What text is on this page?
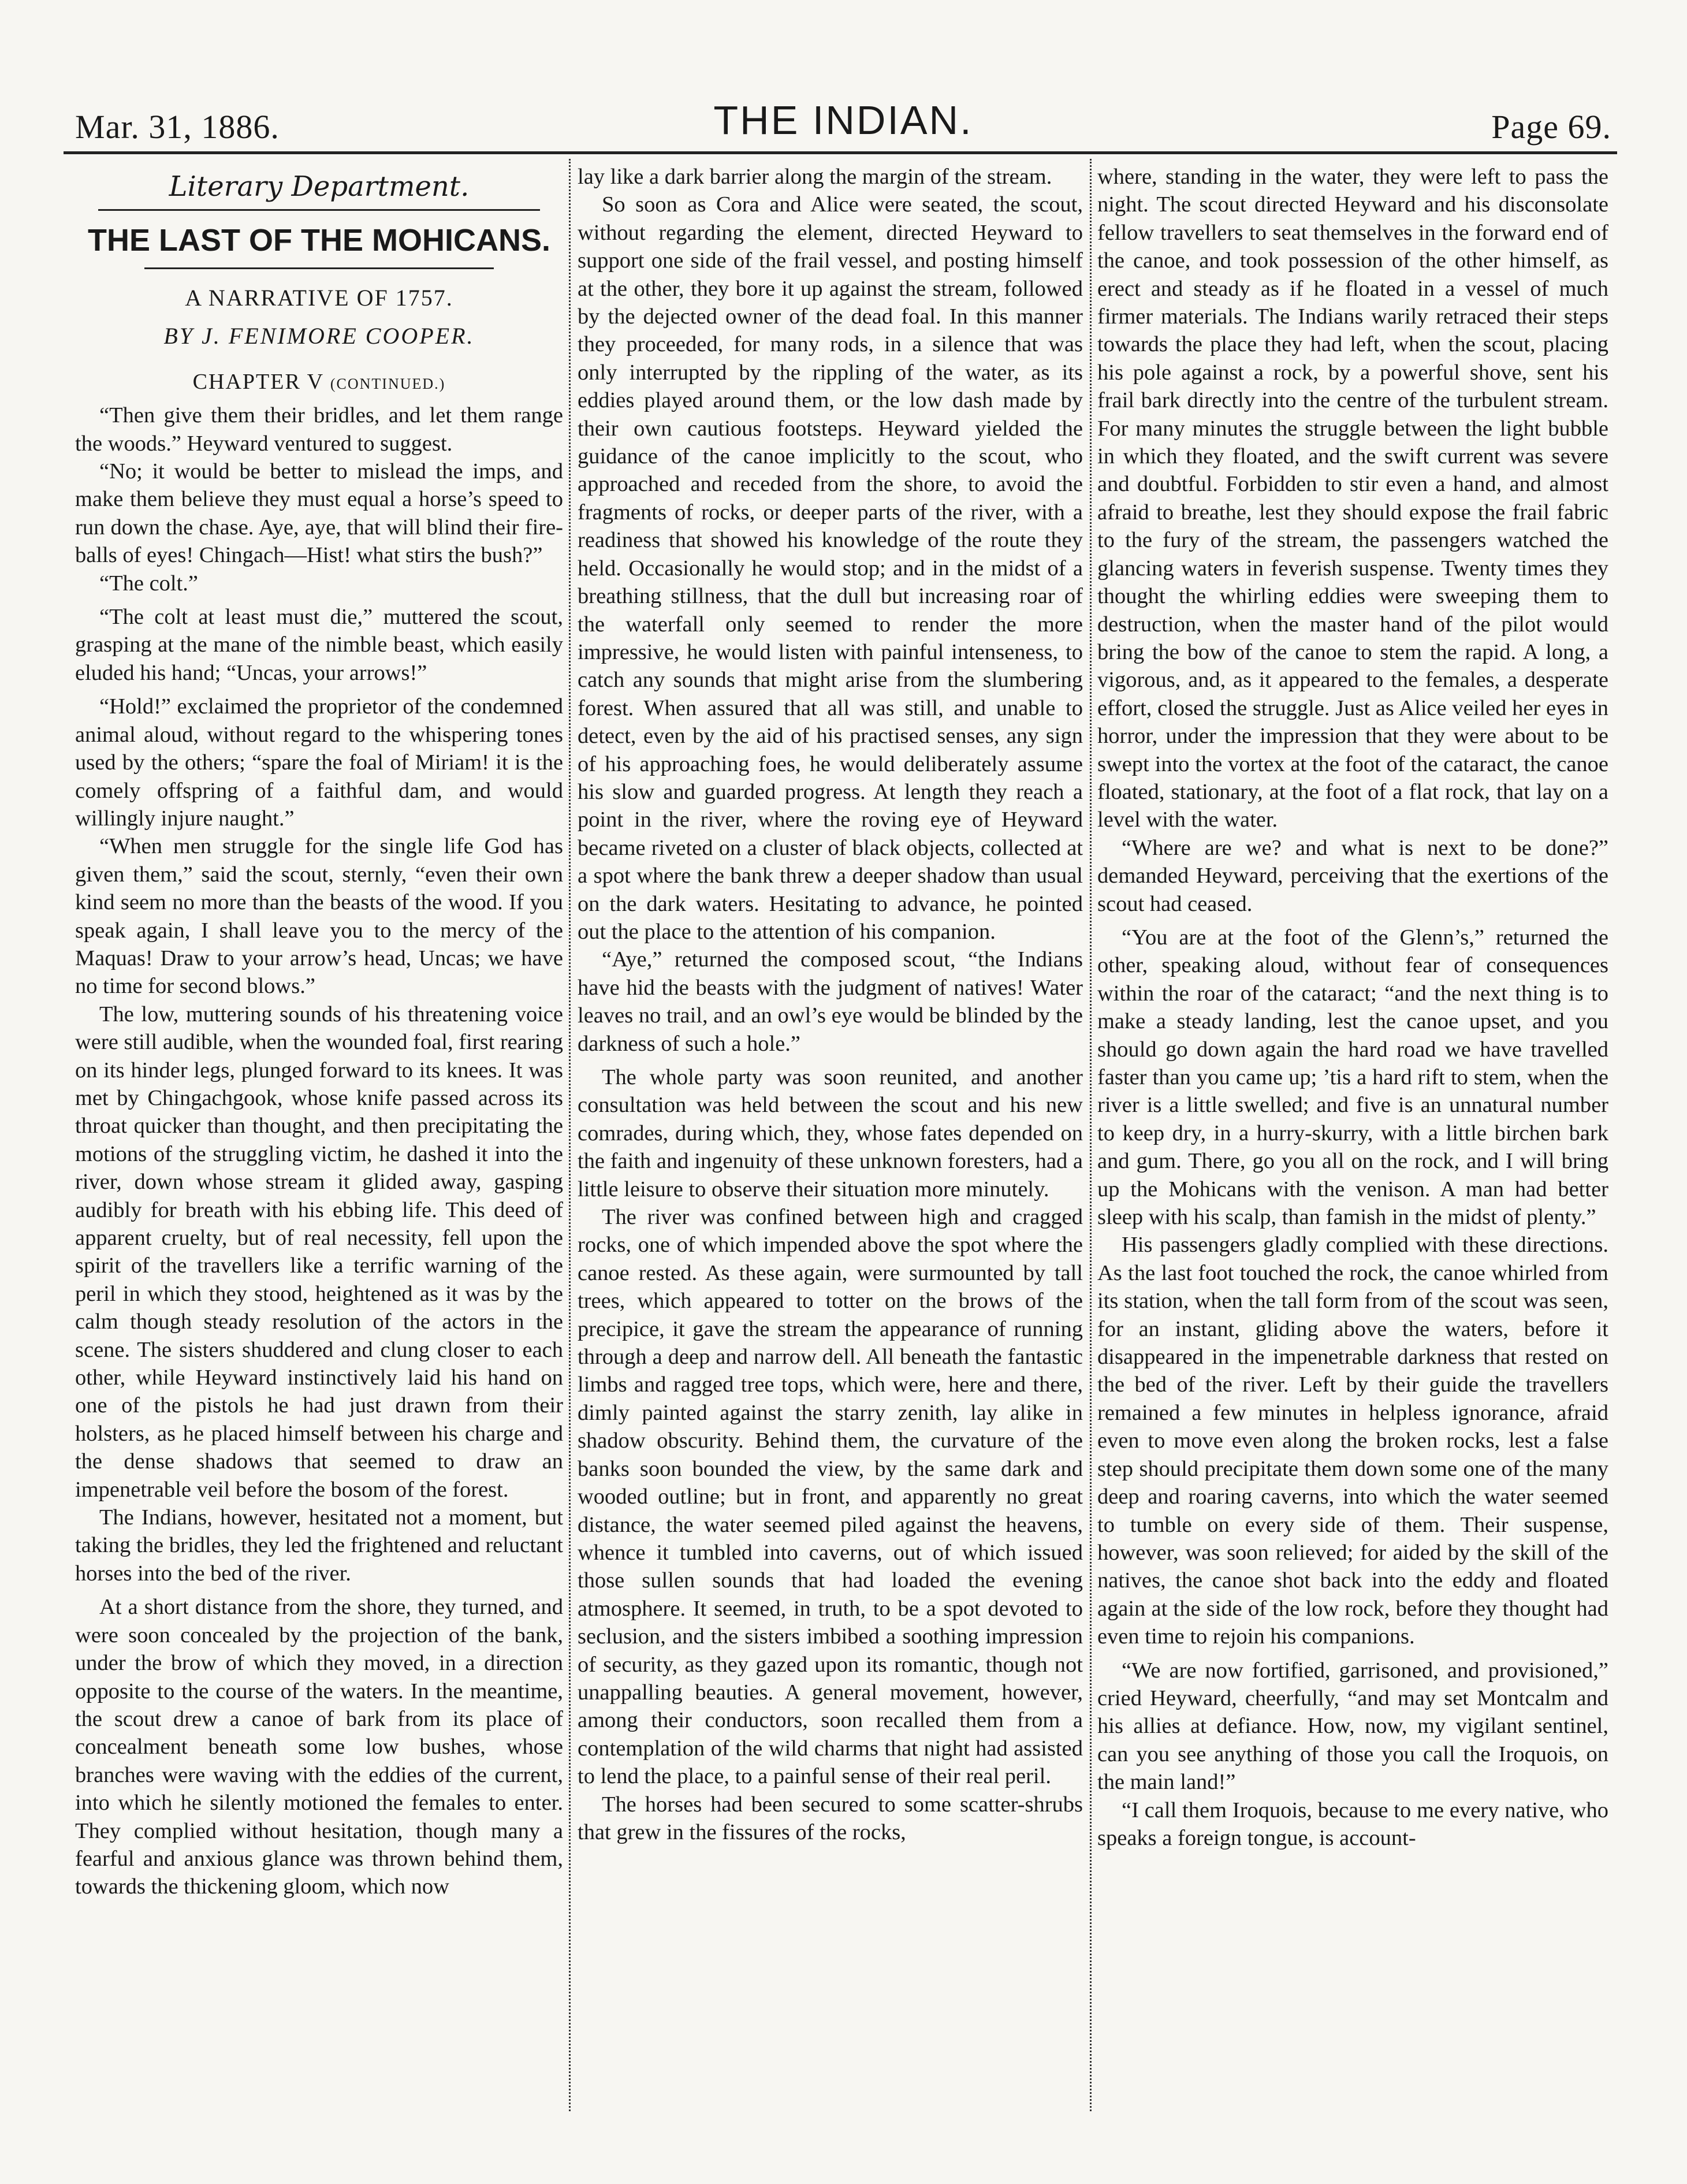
Mar. 31, 1886.	THE INDIAN.	Page 69.
Literary Department.
THE LAST OF THE MOHICANS.
A NARRATIVE OF 1757.
BY J. FENIMORE COOPER.
CHAPTER V (CONTINUED.)

“Then give them their bridles, and let them range the woods.” Heyward ventured to suggest.

“No; it would be better to mislead the imps, and make them believe they must equal a horse’s speed to run down the chase. Aye, aye, that will blind their fire-balls of eyes! Chingach—Hist! what stirs the bush?”

“The colt.”

“The colt at least must die,” muttered the scout, grasping at the mane of the nimble beast, which easily eluded his hand; “Uncas, your arrows!”

“Hold!” exclaimed the proprietor of the condemned animal aloud, without regard to the whispering tones used by the others; “spare the foal of Miriam! it is the comely offspring of a faithful dam, and would willingly injure naught.”

“When men struggle for the single life God has given them,” said the scout, sternly, “even their own kind seem no more than the beasts of the wood. If you speak again, I shall leave you to the mercy of the Maquas! Draw to your arrow’s head, Uncas; we have no time for second blows.”

The low, muttering sounds of his threatening voice were still audible, when the wounded foal, first rearing on its hinder legs, plunged forward to its knees. It was met by Chingachgook, whose knife passed across its throat quicker than thought, and then precipitating the motions of the struggling victim, he dashed it into the river, down whose stream it glided away, gasping audibly for breath with his ebbing life. This deed of apparent cruelty, but of real necessity, fell upon the spirit of the travellers like a terrific warning of the peril in which they stood, heightened as it was by the calm though steady resolution of the actors in the scene. The sisters shuddered and clung closer to each other, while Heyward instinctively laid his hand on one of the pistols he had just drawn from their holsters, as he placed himself between his charge and the dense shadows that seemed to draw an impenetrable veil before the bosom of the forest.

The Indians, however, hesitated not a moment, but taking the bridles, they led the frightened and reluctant horses into the bed of the river.

At a short distance from the shore, they turned, and were soon concealed by the projection of the bank, under the brow of which they moved, in a direction opposite to the course of the waters. In the meantime, the scout drew a canoe of bark from its place of concealment beneath some low bushes, whose branches were waving with the eddies of the current, into which he silently motioned the females to enter. They complied without hesitation, though many a fearful and anxious glance was thrown behind them, towards the thickening gloom, which now

lay like a dark barrier along the margin of the stream.

So soon as Cora and Alice were seated, the scout, without regarding the element, directed Heyward to support one side of the frail vessel, and posting himself at the other, they bore it up against the stream, followed by the dejected owner of the dead foal. In this manner they proceeded, for many rods, in a silence that was only interrupted by the rippling of the water, as its eddies played around them, or the low dash made by their own cautious footsteps. Heyward yielded the guidance of the canoe implicitly to the scout, who approached and receded from the shore, to avoid the fragments of rocks, or deeper parts of the river, with a readiness that showed his knowledge of the route they held. Occasionally he would stop; and in the midst of a breathing stillness, that the dull but increasing roar of the waterfall only seemed to render the more impressive, he would listen with painful intenseness, to catch any sounds that might arise from the slumbering forest. When assured that all was still, and unable to detect, even by the aid of his practised senses, any sign of his approaching foes, he would deliberately assume his slow and guarded progress. At length they reach a point in the river, where the roving eye of Heyward became riveted on a cluster of black objects, collected at a spot where the bank threw a deeper shadow than usual on the dark waters. Hesitating to advance, he pointed out the place to the attention of his companion.

“Aye,” returned the composed scout, “the Indians have hid the beasts with the judgment of natives! Water leaves no trail, and an owl’s eye would be blinded by the darkness of such a hole.”

The whole party was soon reunited, and another consultation was held between the scout and his new comrades, during which, they, whose fates depended on the faith and ingenuity of these unknown foresters, had a little leisure to observe their situation more minutely.

The river was confined between high and cragged rocks, one of which impended above the spot where the canoe rested. As these again, were surmounted by tall trees, which appeared to totter on the brows of the precipice, it gave the stream the appearance of running through a deep and narrow dell. All beneath the fantastic limbs and ragged tree tops, which were, here and there, dimly painted against the starry zenith, lay alike in shadow obscurity. Behind them, the curvature of the banks soon bounded the view, by the same dark and wooded outline; but in front, and apparently no great distance, the water seemed piled against the heavens, whence it tumbled into caverns, out of which issued those sullen sounds that had loaded the evening atmosphere. It seemed, in truth, to be a spot devoted to seclusion, and the sisters imbibed a soothing impression of security, as they gazed upon its romantic, though not unappalling beauties. A general movement, however, among their conductors, soon recalled them from a contemplation of the wild charms that night had assisted to lend the place, to a painful sense of their real peril.

The horses had been secured to some scatter-shrubs that grew in the fissures of the rocks,

where, standing in the water, they were left to pass the night. The scout directed Heyward and his disconsolate fellow travellers to seat themselves in the forward end of the canoe, and took possession of the other himself, as erect and steady as if he floated in a vessel of much firmer materials. The Indians warily retraced their steps towards the place they had left, when the scout, placing his pole against a rock, by a powerful shove, sent his frail bark directly into the centre of the turbulent stream. For many minutes the struggle between the light bubble in which they floated, and the swift current was severe and doubtful. Forbidden to stir even a hand, and almost afraid to breathe, lest they should expose the frail fabric to the fury of the stream, the passengers watched the glancing waters in feverish suspense. Twenty times they thought the whirling eddies were sweeping them to destruction, when the master hand of the pilot would bring the bow of the canoe to stem the rapid. A long, a vigorous, and, as it appeared to the females, a desperate effort, closed the struggle. Just as Alice veiled her eyes in horror, under the impression that they were about to be swept into the vortex at the foot of the cataract, the canoe floated, stationary, at the foot of a flat rock, that lay on a level with the water.

“Where are we? and what is next to be done?” demanded Heyward, perceiving that the exertions of the scout had ceased.

“You are at the foot of the Glenn’s,” returned the other, speaking aloud, without fear of consequences within the roar of the cataract; “and the next thing is to make a steady landing, lest the canoe upset, and you should go down again the hard road we have travelled faster than you came up; ’tis a hard rift to stem, when the river is a little swelled; and five is an unnatural number to keep dry, in a hurry-skurry, with a little birchen bark and gum. There, go you all on the rock, and I will bring up the Mohicans with the venison. A man had better sleep with his scalp, than famish in the midst of plenty.”

His passengers gladly complied with these directions. As the last foot touched the rock, the canoe whirled from its station, when the tall form from of the scout was seen, for an instant, gliding above the waters, before it disappeared in the impenetrable darkness that rested on the bed of the river. Left by their guide the travellers remained a few minutes in helpless ignorance, afraid even to move even along the broken rocks, lest a false step should precipitate them down some one of the many deep and roaring caverns, into which the water seemed to tumble on every side of them. Their suspense, however, was soon relieved; for aided by the skill of the natives, the canoe shot back into the eddy and floated again at the side of the low rock, before they thought had even time to rejoin his companions.

“We are now fortified, garrisoned, and provisioned,” cried Heyward, cheerfully, “and may set Montcalm and his allies at defiance. How, now, my vigilant sentinel, can you see anything of those you call the Iroquois, on the main land!”

“I call them Iroquois, because to me every native, who speaks a foreign tongue, is account-
